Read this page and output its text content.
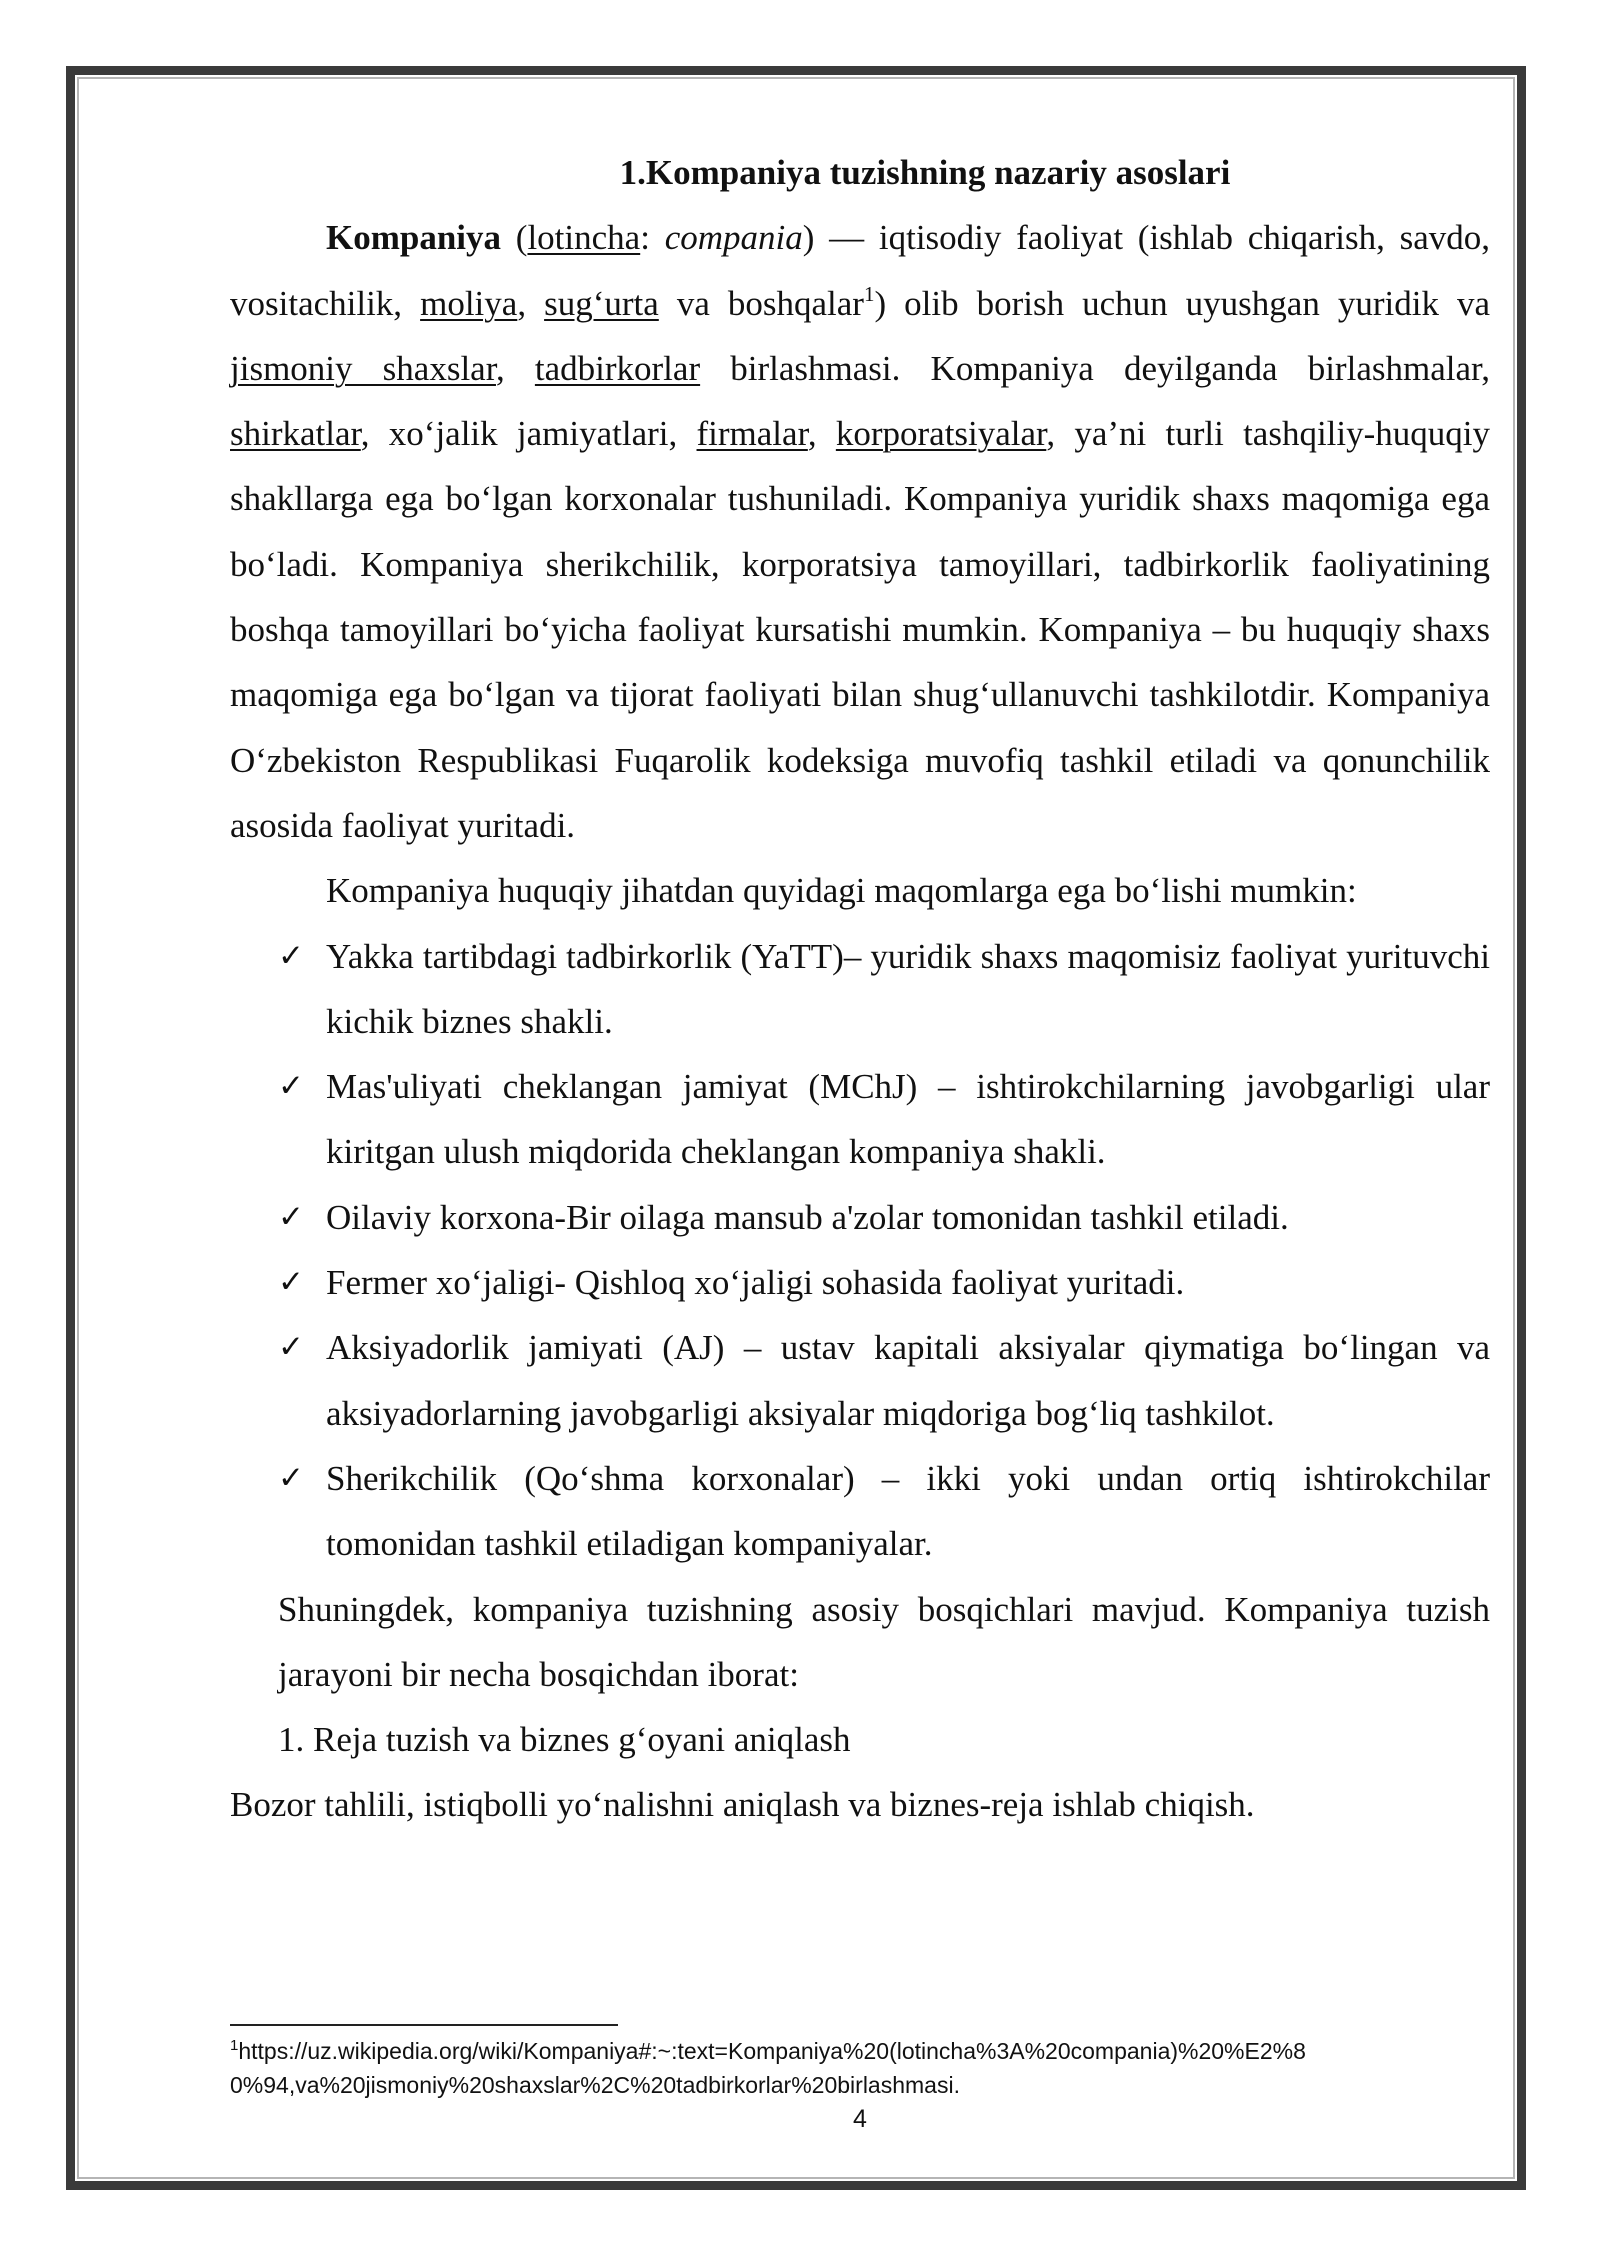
1.Kompaniya tuzishning nazariy asoslari

Kompaniya (lotincha: compania) — iqtisodiy faoliyat (ishlab chiqarish, savdo, vositachilik, moliya, sug‘urta va boshqalar$^1$) olib borish uchun uyushgan yuridik va jismoniy shaxslar, tadbirkorlar birlashmasi. Kompaniya deyilganda birlashmalar, shirkatlar, xo‘jalik jamiyatlari, firmalar, korporatsiyalar, ya’ni turli tashqiliy-huquqiy shakllarga ega bo‘lgan korxonalar tushuniladi. Kompaniya yuridik shaxs maqomiga ega bo‘ladi. Kompaniya sherikchilik, korporatsiya tamoyillari, tadbirkorlik faoliyatining boshqa tamoyillari bo‘yicha faoliyat kursatishi mumkin. Kompaniya – bu huquqiy shaxs maqomiga ega bo‘lgan va tijorat faoliyati bilan shug‘ullanuvchi tashkilotdir. Kompaniya O‘zbekiston Respublikasi Fuqarolik kodeksiga muvofiq tashkil etiladi va qonunchilik asosida faoliyat yuritadi.

Kompaniya huquqiy jihatdan quyidagi maqomlarga ega bo‘lishi mumkin:

✓ Yakka tartibdagi tadbirkorlik (YaTT)– yuridik shaxs maqomisiz faoliyat yurituvchi kichik biznes shakli.
✓ Mas'uliyati cheklangan jamiyat (MChJ) – ishtirokchilarning javobgarligi ular kiritgan ulush miqdorida cheklangan kompaniya shakli.
✓ Oilaviy korxona-Bir oilaga mansub a'zolar tomonidan tashkil etiladi.
✓ Fermer xo‘jaligi- Qishloq xo‘jaligi sohasida faoliyat yuritadi.
✓ Aksiyadorlik jamiyati (AJ) – ustav kapitali aksiyalar qiymatiga bo‘lingan va aksiyadorlarning javobgarligi aksiyalar miqdoriga bog‘liq tashkilot.
✓ Sherikchilik (Qo‘shma korxonalar) – ikki yoki undan ortiq ishtirokchilar tomonidan tashkil etiladigan kompaniyalar.

Shuningdek, kompaniya tuzishning asosiy bosqichlari mavjud. Kompaniya tuzish jarayoni bir necha bosqichdan iborat:

1. Reja tuzish va biznes g‘oyani aniqlash

Bozor tahlili, istiqbolli yo‘nalishni aniqlash va biznes-reja ishlab chiqish.

$^1$https://uz.wikipedia.org/wiki/Kompaniya#:~:text=Kompaniya%20(lotincha%3A%20compania)%20%E2%80%94,va%20jismoniy%20shaxslar%2C%20tadbirkorlar%20birlashmasi.
4
